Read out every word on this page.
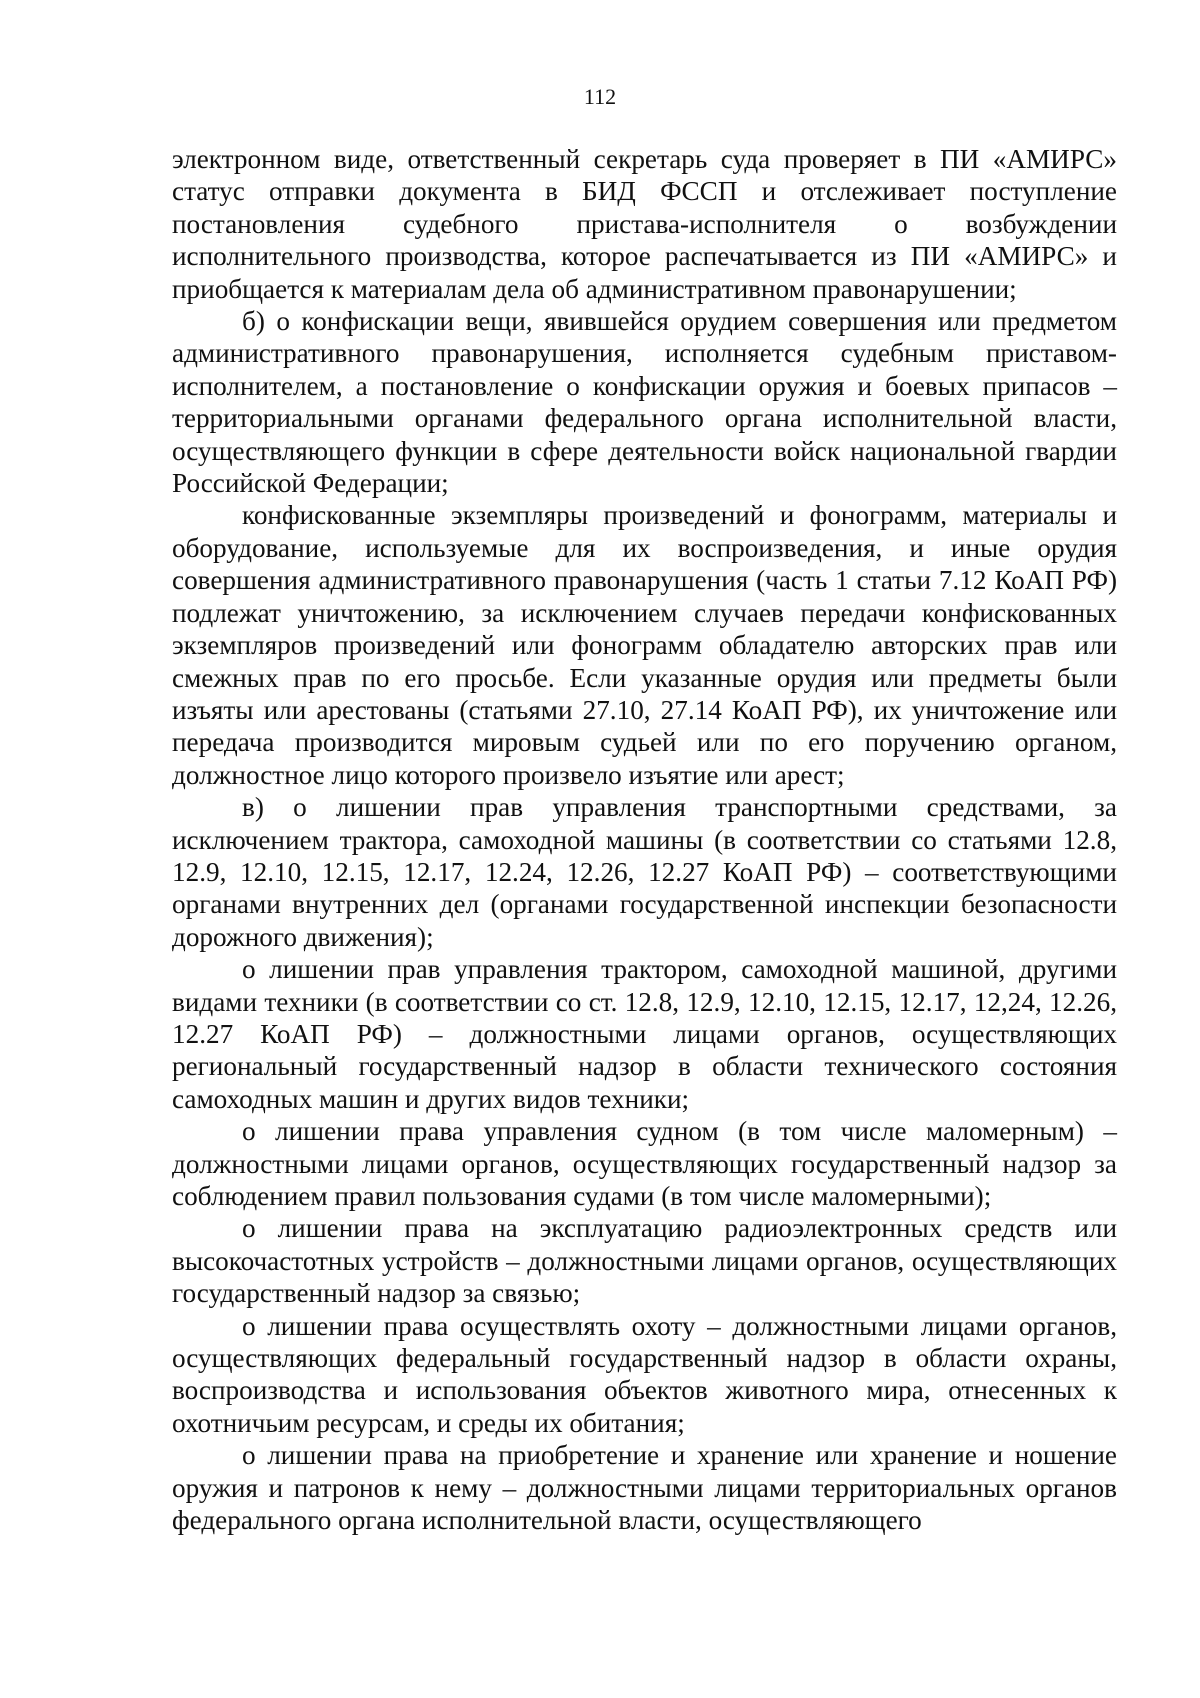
112

электронном виде, ответственный секретарь суда проверяет в ПИ «АМИРС» статус отправки документа в БИД ФССП и отслеживает поступление постановления судебного пристава-исполнителя о возбуждении исполнительного производства, которое распечатывается из ПИ «АМИРС» и приобщается к материалам дела об административном правонарушении;

б) о конфискации вещи, явившейся орудием совершения или предметом административного правонарушения, исполняется судебным приставом-исполнителем, а постановление о конфискации оружия и боевых припасов – территориальными органами федерального органа исполнительной власти, осуществляющего функции в сфере деятельности войск национальной гвардии Российской Федерации;

конфискованные экземпляры произведений и фонограмм, материалы и оборудование, используемые для их воспроизведения, и иные орудия совершения административного правонарушения (часть 1 статьи 7.12 КоАП РФ) подлежат уничтожению, за исключением случаев передачи конфискованных экземпляров произведений или фонограмм обладателю авторских прав или смежных прав по его просьбе. Если указанные орудия или предметы были изъяты или арестованы (статьями 27.10, 27.14 КоАП РФ), их уничтожение или передача производится мировым судьей или по его поручению органом, должностное лицо которого произвело изъятие или арест;

в) о лишении прав управления транспортными средствами, за исключением трактора, самоходной машины (в соответствии со статьями 12.8, 12.9, 12.10, 12.15, 12.17, 12.24, 12.26, 12.27 КоАП РФ) – соответствующими органами внутренних дел (органами государственной инспекции безопасности дорожного движения);

о лишении прав управления трактором, самоходной машиной, другими видами техники (в соответствии со ст. 12.8, 12.9, 12.10, 12.15, 12.17, 12,24, 12.26, 12.27 КоАП РФ) – должностными лицами органов, осуществляющих региональный государственный надзор в области технического состояния самоходных машин и других видов техники;

о лишении права управления судном (в том числе маломерным) – должностными лицами органов, осуществляющих государственный надзор за соблюдением правил пользования судами (в том числе маломерными);

о лишении права на эксплуатацию радиоэлектронных средств или высокочастотных устройств – должностными лицами органов, осуществляющих государственный надзор за связью;

о лишении права осуществлять охоту – должностными лицами органов, осуществляющих федеральный государственный надзор в области охраны, воспроизводства и использования объектов животного мира, отнесенных к охотничьим ресурсам, и среды их обитания;

о лишении права на приобретение и хранение или хранение и ношение оружия и патронов к нему – должностными лицами территориальных органов федерального органа исполнительной власти, осуществляющего
